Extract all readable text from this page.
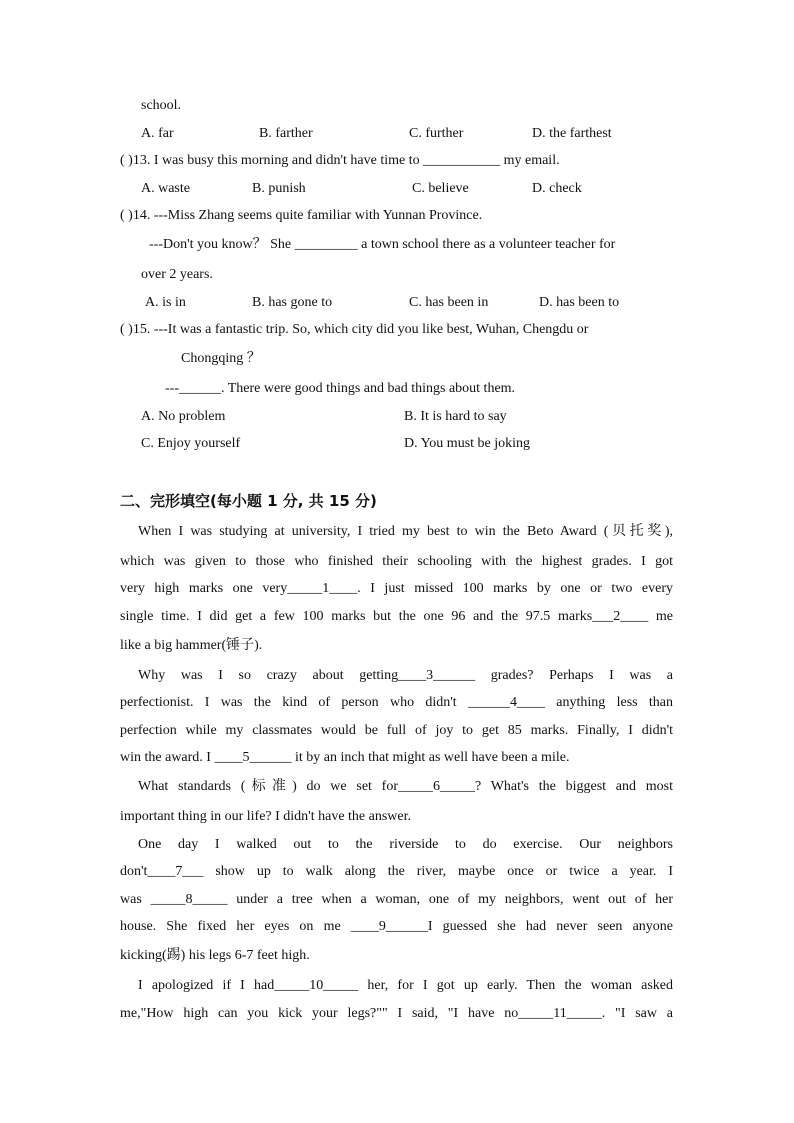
school.
A. far	B. farther	C. further	D. the farthest
( )13. I was busy this morning and didn't have time to ___________ my email.
A. waste	B. punish	C. believe	D. check
( )14. ---Miss Zhang seems quite familiar with Yunnan Province.
---Don't you know？ She _________ a town school there as a volunteer teacher for
over 2 years.
A. is in	B. has gone to	C. has been in	D. has been to
( )15. ---It was a fantastic trip. So, which city did you like best, Wuhan, Chengdu or
Chongqing ？
---______. There were good things and bad things about them.
A. No problem	B. It is hard to say
C. Enjoy yourself	D. You must be joking
二、完形填空(每小题 1 分, 共 15 分)
When I was studying at university, I tried my best to win the Beto Award (贝托奖),
which was given to those who finished their schooling with the highest grades. I got
very high marks one very_____1____. I just missed 100 marks by one or two every
single time. I did get a few 100 marks but the one 96 and the 97.5 marks___2____ me
like a big hammer(锤子).
Why was I so crazy about getting____3______ grades? Perhaps I was a
perfectionist. I was the kind of person who didn't ______4____ anything less than
perfection while my classmates would be full of joy to get 85 marks. Finally, I didn't
win the award. I ____5______ it by an inch that might as well have been a mile.
What standards (标准) do we set for_____6_____? What's the biggest and most
important thing in our life? I didn't have the answer.
One day I walked out to the riverside to do exercise. Our neighbors
don't____7___ show up to walk along the river, maybe once or twice a year. I
was _____8_____ under a tree when a woman, one of my neighbors, went out of her
house. She fixed her eyes on me ____9______I guessed she had never seen anyone
kicking(踢) his legs 6-7 feet high.
I apologized if I had_____10_____ her, for I got up early. Then the woman asked
me,"How high can you kick your legs?"" I said, "I have no_____11_____. "I saw a
